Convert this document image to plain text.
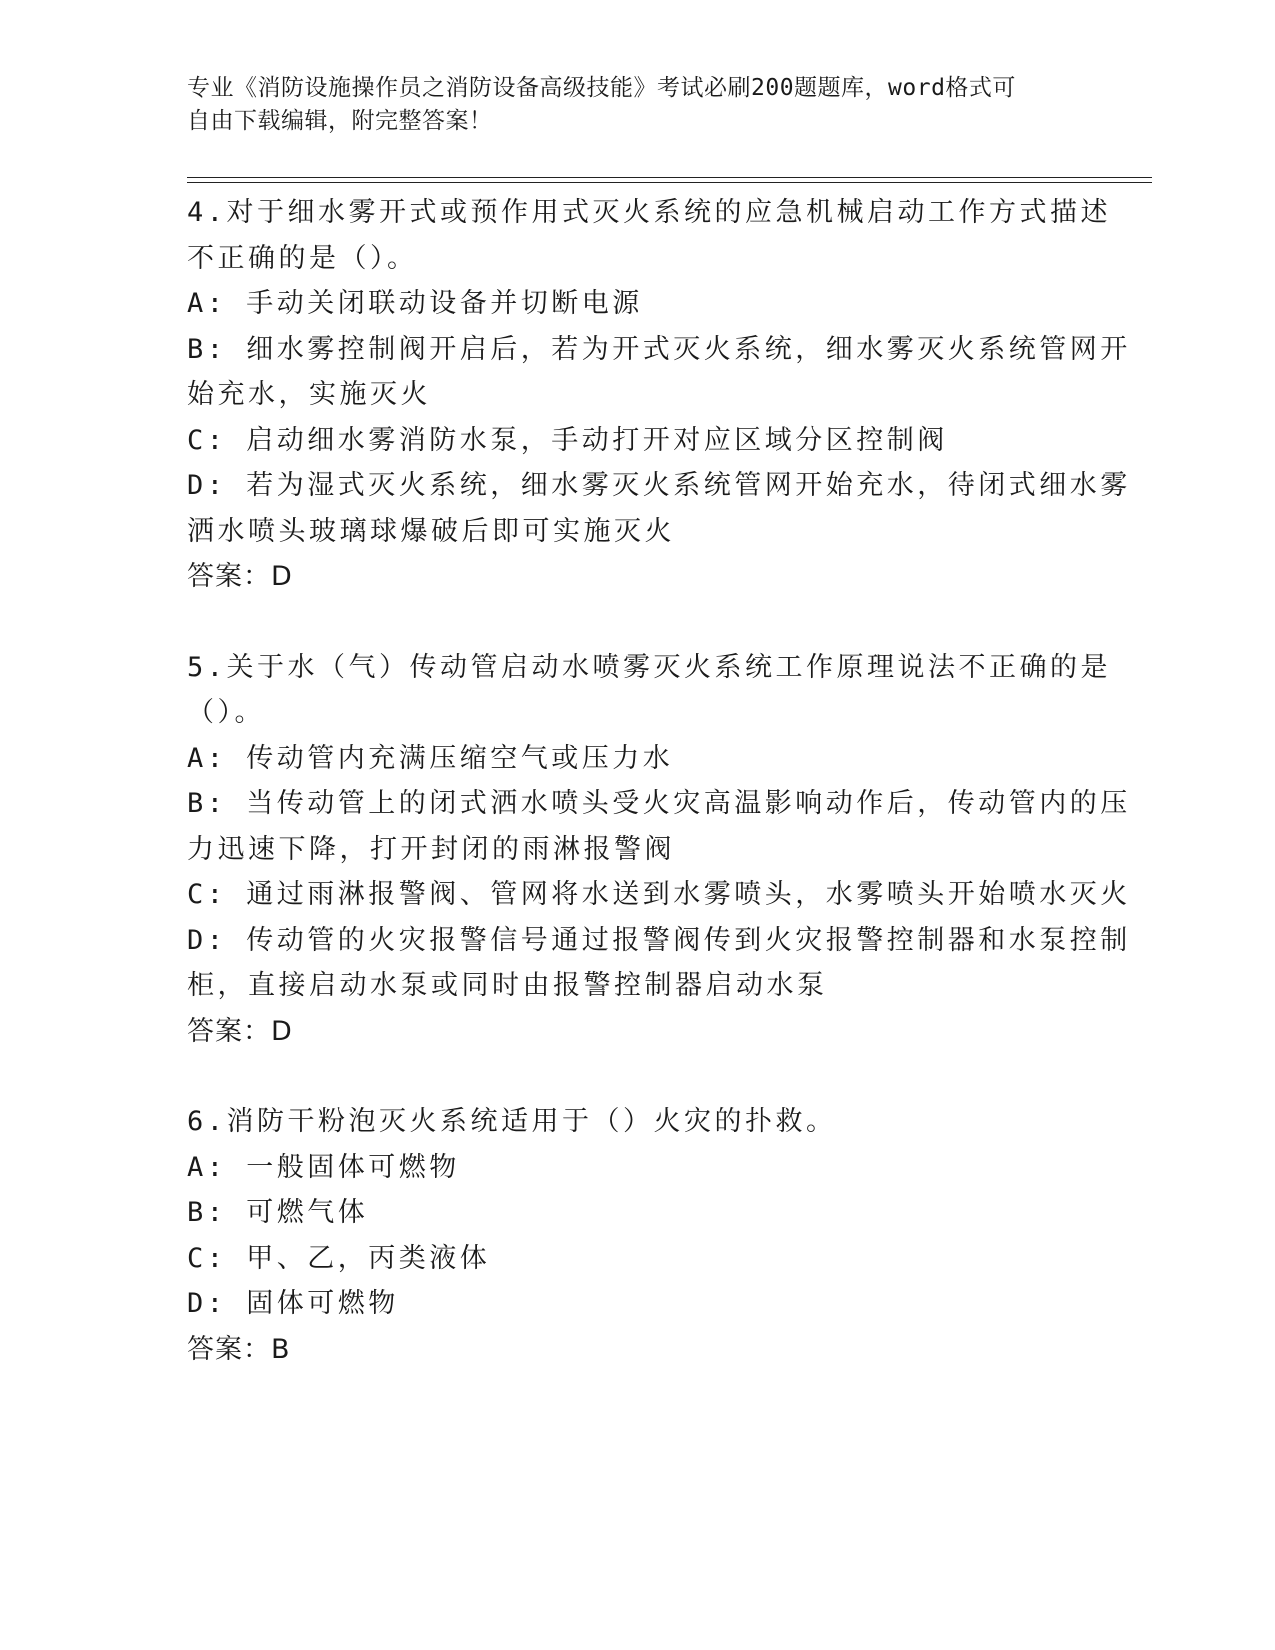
专业《消防设施操作员之消防设备高级技能》考试必刷200题题库，word格式可
自由下载编辑，附完整答案！
4.对于细水雾开式或预作用式灭火系统的应急机械启动工作方式描述
不正确的是（）。
A: 手动关闭联动设备并切断电源
B: 细水雾控制阀开启后，若为开式灭火系统，细水雾灭火系统管网开
始充水，实施灭火
C: 启动细水雾消防水泵，手动打开对应区域分区控制阀
D: 若为湿式灭火系统，细水雾灭火系统管网开始充水，待闭式细水雾
洒水喷头玻璃球爆破后即可实施灭火
答案：D
5.关于水（气）传动管启动水喷雾灭火系统工作原理说法不正确的是
（）。
A: 传动管内充满压缩空气或压力水
B: 当传动管上的闭式洒水喷头受火灾高温影响动作后，传动管内的压
力迅速下降，打开封闭的雨淋报警阀
C: 通过雨淋报警阀、管网将水送到水雾喷头，水雾喷头开始喷水灭火
D: 传动管的火灾报警信号通过报警阀传到火灾报警控制器和水泵控制
柜，直接启动水泵或同时由报警控制器启动水泵
答案：D
6.消防干粉泡灭火系统适用于（）火灾的扑救。
A: 一般固体可燃物
B: 可燃气体
C: 甲、乙，丙类液体
D: 固体可燃物
答案：B
